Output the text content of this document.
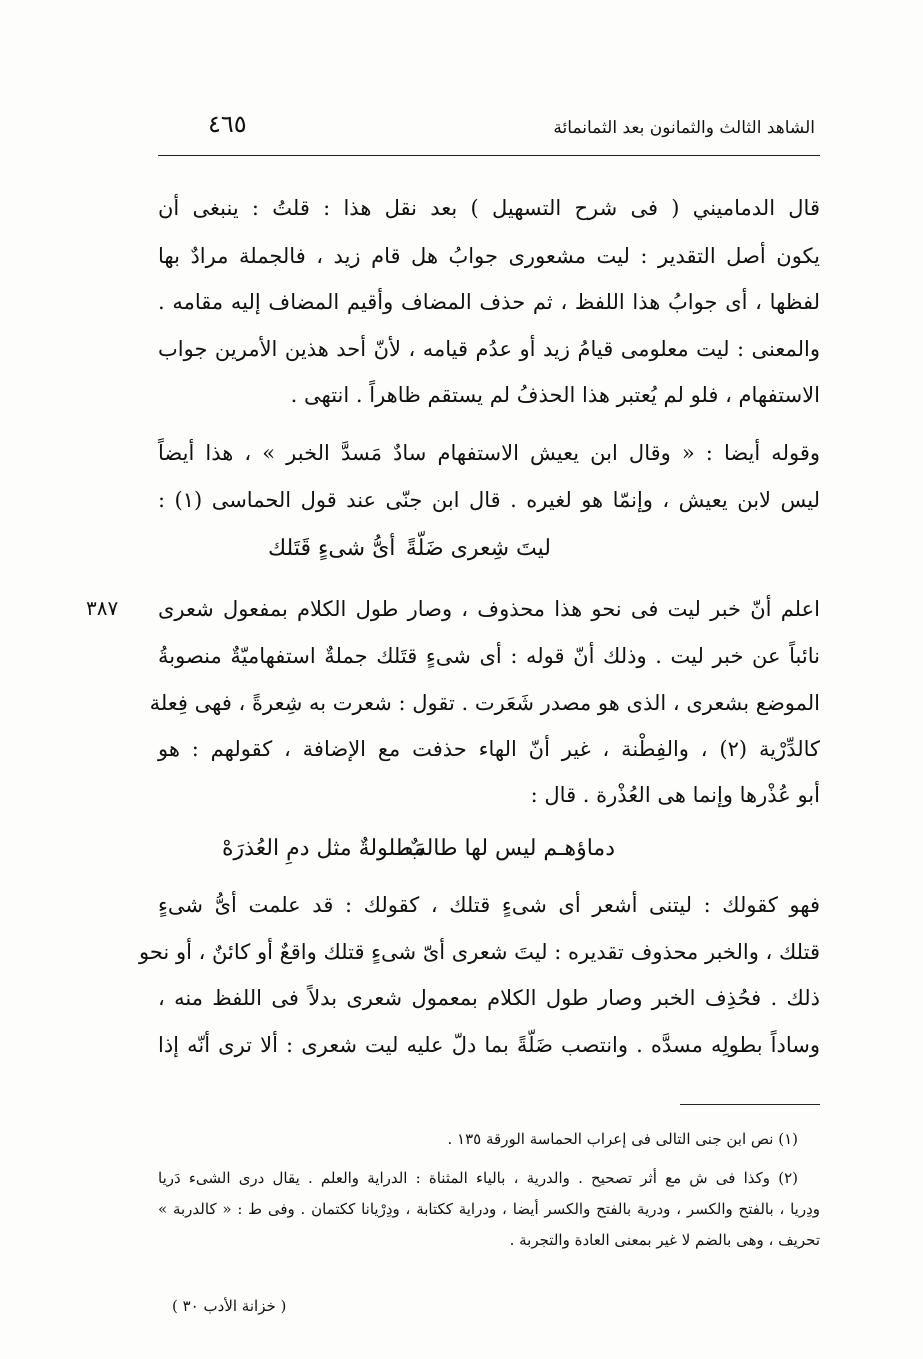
الشاهد الثالث والثمانون بعد الثمانمائة
٤٦٥
قال الدماميني ( فى شرح التسهيل ) بعد نقل هذا : قلتُ : ينبغى أن
يكون أصل التقدير : ليت مشعورى جوابُ هل قام زيد ، فالجملة مرادٌ بها
لفظها ، أى جوابُ هذا اللفظ ، ثم حذف المضاف وأقيم المضاف إليه مقامه .
والمعنى : ليت معلومى قيامُ زيد أو عدُم قيامه ، لأنّ أحد هذين الأمرين جواب
الاستفهام ، فلو لم يُعتبر هذا الحذفُ لم يستقم ظاهراً . انتهى .
وقوله أيضا : « وقال ابن يعيش الاستفهام سادٌ مَسدَّ الخبر » ، هذا أيضاً
ليس لابن يعيش ، وإنمّا هو لغيره . قال ابن جنّى عند قول الحماسى (١) :
ليتَ شِعرى ضَلّةً
أىُّ شىءٍ قَتَلك
٣٨٧ اعلم أنّ خبر ليت فى نحو هذا محذوف ، وصار طول الكلام بمفعول شعرى
نائباً عن خبر ليت . وذلك أنّ قوله : أى شىءٍ قتَلك جملةٌ استفهاميّةٌ منصوبةُ
الموضع بشعرى ، الذى هو مصدر شَعَرت . تقول : شعرت به شِعرةً ، فهى فِعلة
كالدِّرْية (٢) ، والفِطْنة ، غير أنّ الهاء حذفت مع الإضافة ، كقولهم : هو
أبو عُذْرها وإنما هى العُذْرة . قال :
دماؤهـم ليس لها طالبٌ
مَطلولةٌ مثل دمِ العُذرَهْ
فهو كقولك : ليتنى أشعر أى شىءٍ قتلك ، كقولك : قد علمت أىُّ شىءٍ
قتلك ، والخبر محذوف تقديره : ليتَ شعرى أىّ شىءٍ قتلك واقعٌ أو كائنٌ ، أو نحو
ذلك . فحُذِف الخبر وصار طول الكلام بمعمول شعرى بدلاً فى اللفظ منه ،
وساداً بطولِه مسدَّه . وانتصب ضَلّةً بما دلّ عليه ليت شعرى : ألا ترى أنّه إذا
(١) نص ابن جنى التالى فى إعراب الحماسة الورقة ١٣٥ .
(٢) وكذا فى ش مع أثر تصحيح . والدرية ، بالياء المثناة : الدراية والعلم . يقال درى الشىء دَريا
ودِريا ، بالفتح والكسر ، ودرية بالفتح والكسر أيضا ، ودراية ككتابة ، ودِرْيانا ككتمان . وفى ط : « كالدربة »
تحريف ، وهى بالضم لا غير بمعنى العادة والتجربة .
( خزانة الأدب ٣٠ )
